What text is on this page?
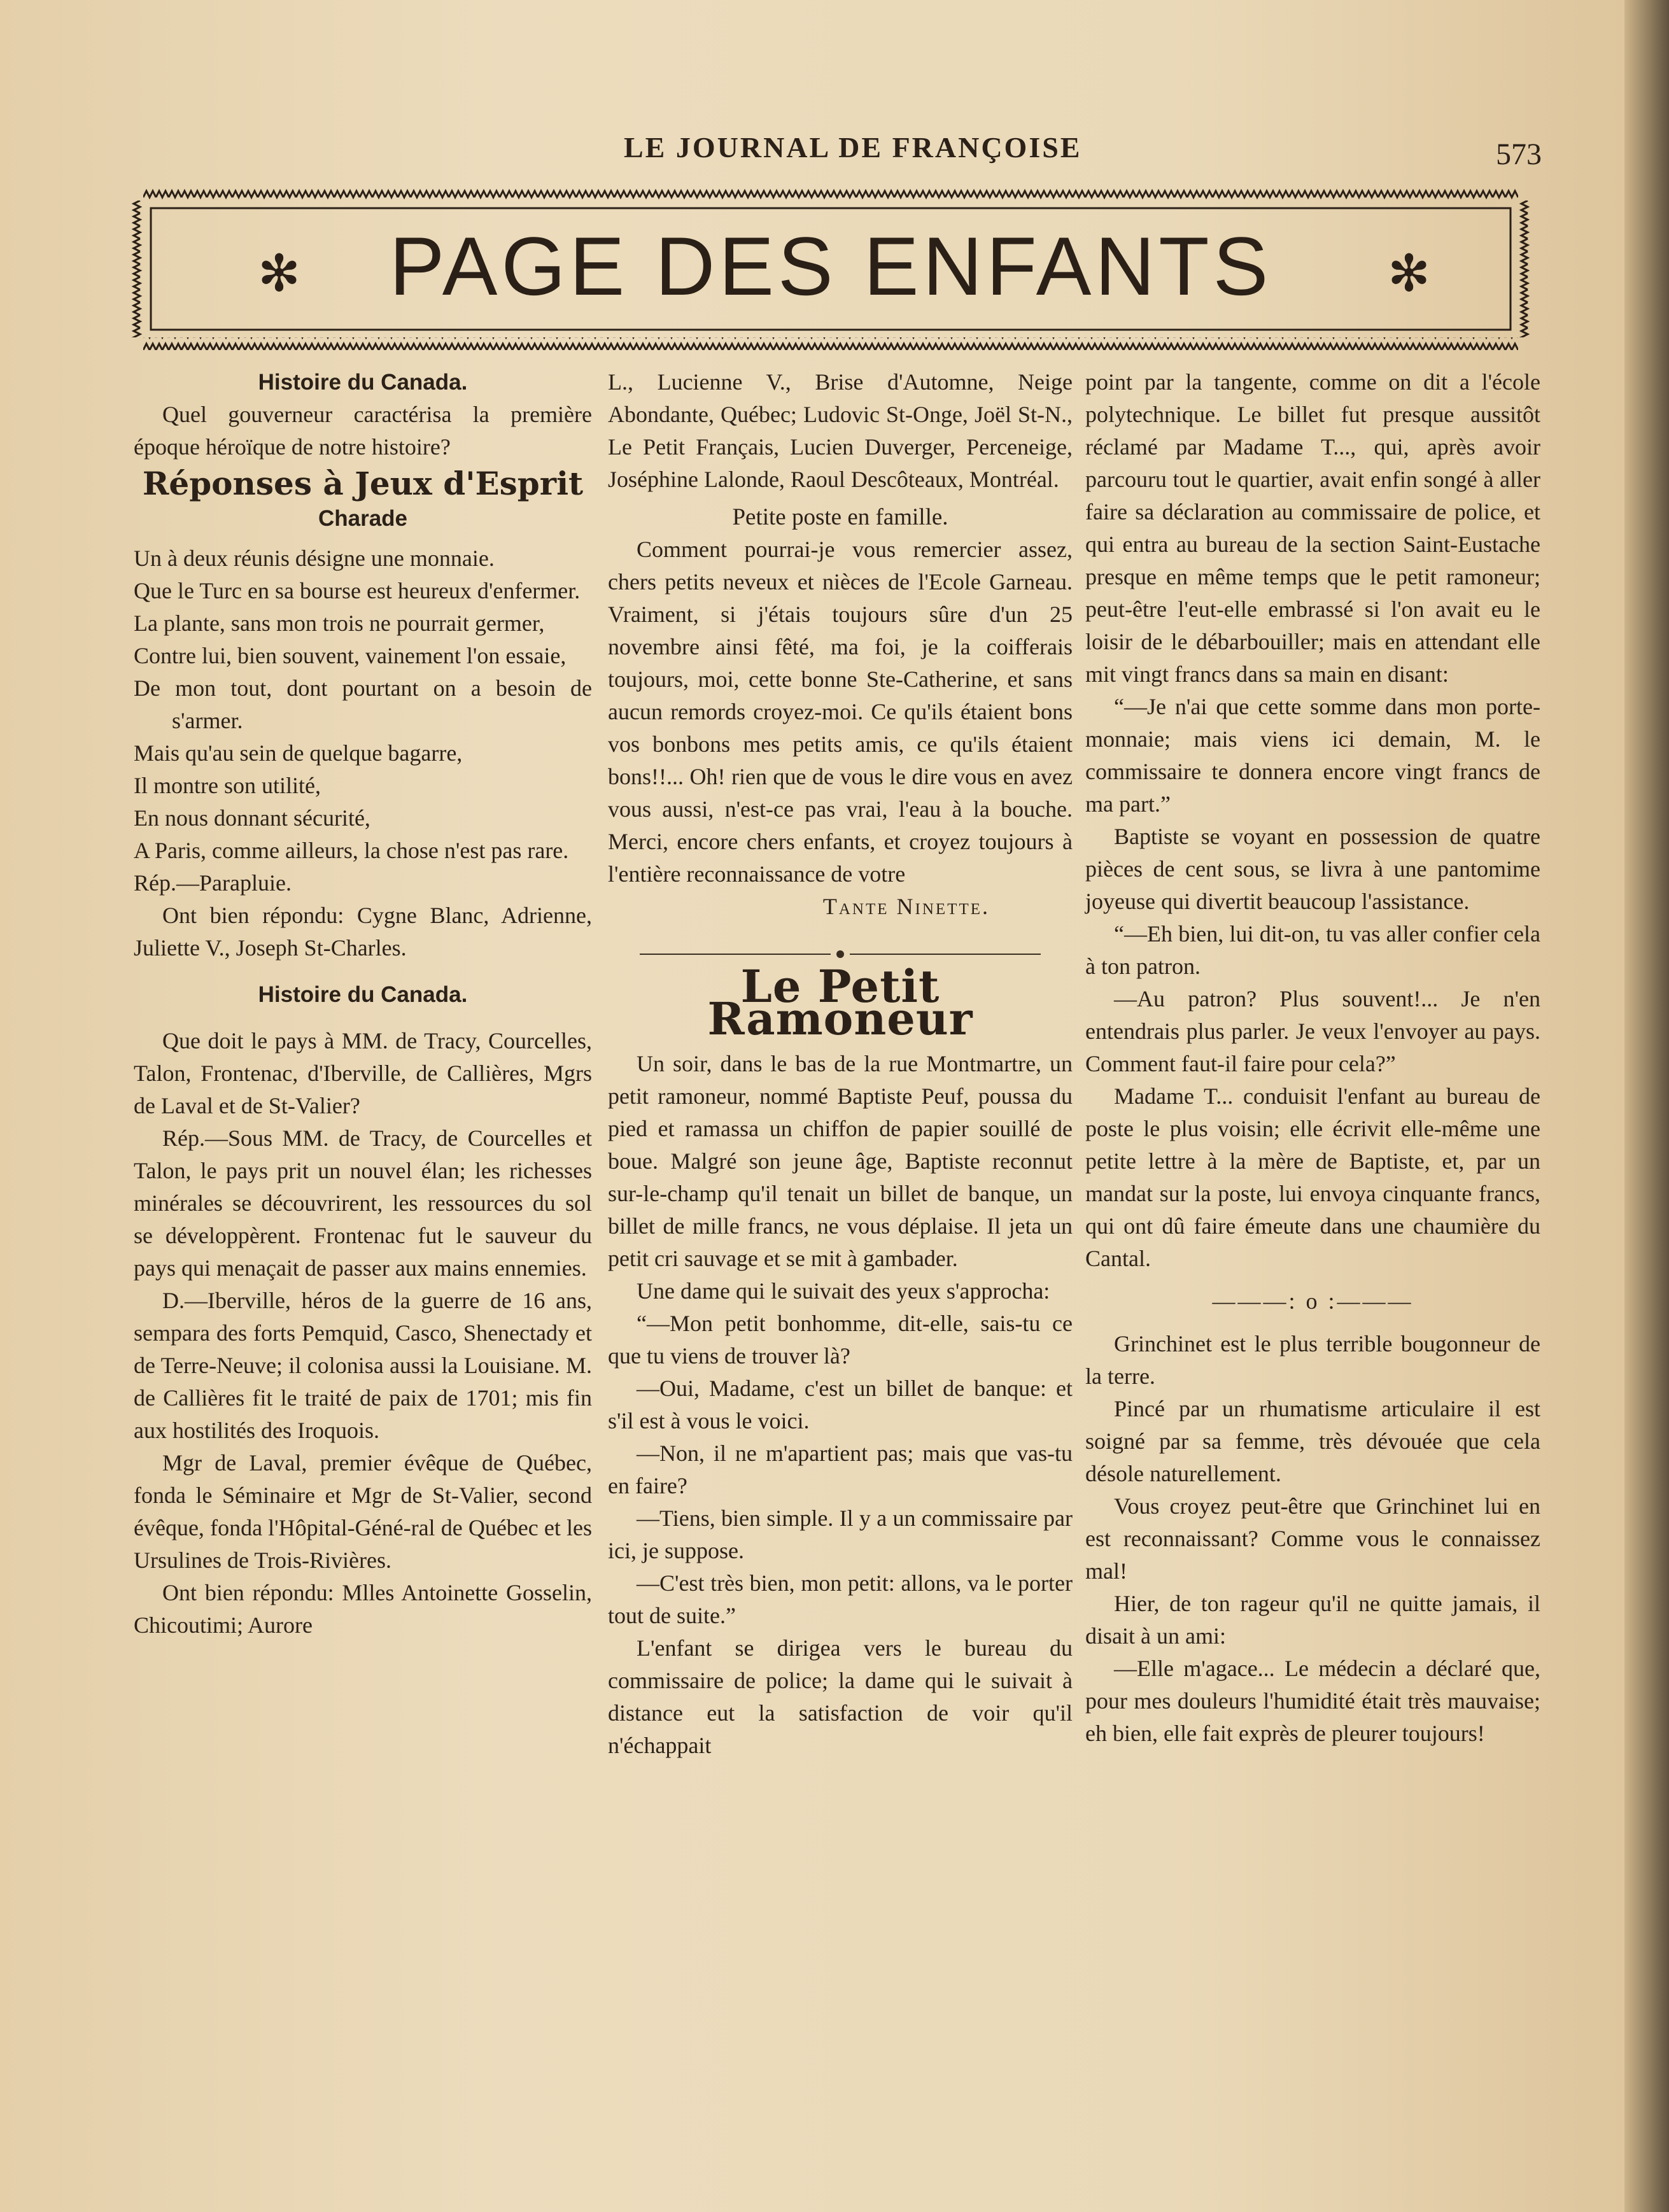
LE JOURNAL DE FRANÇOISE	573
✻	PAGE DES ENFANTS	✻

Histoire du Canada.

Quel gouverneur caractérisa la première époque héroïque de notre histoire?

Réponses à Jeux d'Esprit

Charade

Un à deux réunis désigne une monnaie.

Que le Turc en sa bourse est heureux d'enfermer.

La plante, sans mon trois ne pourrait germer,

Contre lui, bien souvent, vainement l'on essaie,

De mon tout, dont pourtant on a besoin de s'armer.

Mais qu'au sein de quelque bagarre,

Il montre son utilité,

En nous donnant sécurité,

A Paris, comme ailleurs, la chose n'est pas rare.

Rép.—Parapluie.

Ont bien répondu: Cygne Blanc, Adrienne, Juliette V., Joseph St-Charles.

Histoire du Canada.

Que doit le pays à MM. de Tracy, Courcelles, Talon, Frontenac, d'Iberville, de Callières, Mgrs de Laval et de St-Valier?

Rép.—Sous MM. de Tracy, de Courcelles et Talon, le pays prit un nouvel élan; les richesses minérales se découvrirent, les ressources du sol se développèrent. Frontenac fut le sauveur du pays qui menaçait de passer aux mains ennemies.

D.—Iberville, héros de la guerre de 16 ans, sempara des forts Pemquid, Casco, Shenectady et de Terre-Neuve; il colonisa aussi la Louisiane. M. de Callières fit le traité de paix de 1701; mis fin aux hostilités des Iroquois.

Mgr de Laval, premier évêque de Québec, fonda le Séminaire et Mgr de St-Valier, second évêque, fonda l'Hôpital-Géné-ral de Québec et les Ursulines de Trois-Rivières.

Ont bien répondu: Mlles Antoinette Gosselin, Chicoutimi; Aurore

L., Lucienne V., Brise d'Automne, Neige Abondante, Québec; Ludovic St-Onge, Joël St-N., Le Petit Français, Lucien Duverger, Perceneige, Joséphine Lalonde, Raoul Descôteaux, Montréal.

Petite poste en famille.

Comment pourrai-je vous remercier assez, chers petits neveux et nièces de l'Ecole Garneau. Vraiment, si j'étais toujours sûre d'un 25 novembre ainsi fêté, ma foi, je la coifferais toujours, moi, cette bonne Ste-Catherine, et sans aucun remords croyez-moi. Ce qu'ils étaient bons vos bonbons mes petits amis, ce qu'ils étaient bons!!... Oh! rien que de vous le dire vous en avez vous aussi, n'est-ce pas vrai, l'eau à la bouche. Merci, encore chers enfants, et croyez toujours à l'entière reconnaissance de votre

Tante Ninette.

Le Petit Ramoneur

Un soir, dans le bas de la rue Montmartre, un petit ramoneur, nommé Baptiste Peuf, poussa du pied et ramassa un chiffon de papier souillé de boue. Malgré son jeune âge, Baptiste reconnut sur-le-champ qu'il tenait un billet de banque, un billet de mille francs, ne vous déplaise. Il jeta un petit cri sauvage et se mit à gambader.

Une dame qui le suivait des yeux s'approcha:

“—Mon petit bonhomme, dit-elle, sais-tu ce que tu viens de trouver là?

—Oui, Madame, c'est un billet de banque: et s'il est à vous le voici.

—Non, il ne m'apartient pas; mais que vas-tu en faire?

—Tiens, bien simple. Il y a un commissaire par ici, je suppose.

—C'est très bien, mon petit: allons, va le porter tout de suite.”

L'enfant se dirigea vers le bureau du commissaire de police; la dame qui le suivait à distance eut la satisfaction de voir qu'il n'échappait

point par la tangente, comme on dit a l'école polytechnique. Le billet fut presque aussitôt réclamé par Madame T..., qui, après avoir parcouru tout le quartier, avait enfin songé à aller faire sa déclaration au commissaire de police, et qui entra au bureau de la section Saint-Eustache presque en même temps que le petit ramoneur; peut-être l'eut-elle embrassé si l'on avait eu le loisir de le débarbouiller; mais en attendant elle mit vingt francs dans sa main en disant:

“—Je n'ai que cette somme dans mon porte-monnaie; mais viens ici demain, M. le commissaire te donnera encore vingt francs de ma part.”

Baptiste se voyant en possession de quatre pièces de cent sous, se livra à une pantomime joyeuse qui divertit beaucoup l'assistance.

“—Eh bien, lui dit-on, tu vas aller confier cela à ton patron.

—Au patron? Plus souvent!... Je n'en entendrais plus parler. Je veux l'envoyer au pays. Comment faut-il faire pour cela?”

Madame T... conduisit l'enfant au bureau de poste le plus voisin; elle écrivit elle-même une petite lettre à la mère de Baptiste, et, par un mandat sur la poste, lui envoya cinquante francs, qui ont dû faire émeute dans une chaumière du Cantal.

———: o :———

Grinchinet est le plus terrible bougonneur de la terre.

Pincé par un rhumatisme articulaire il est soigné par sa femme, très dévouée que cela désole naturellement.

Vous croyez peut-être que Grinchinet lui en est reconnaissant? Comme vous le connaissez mal!

Hier, de ton rageur qu'il ne quitte jamais, il disait à un ami:

—Elle m'agace... Le médecin a déclaré que, pour mes douleurs l'humidité était très mauvaise; eh bien, elle fait exprès de pleurer toujours!
